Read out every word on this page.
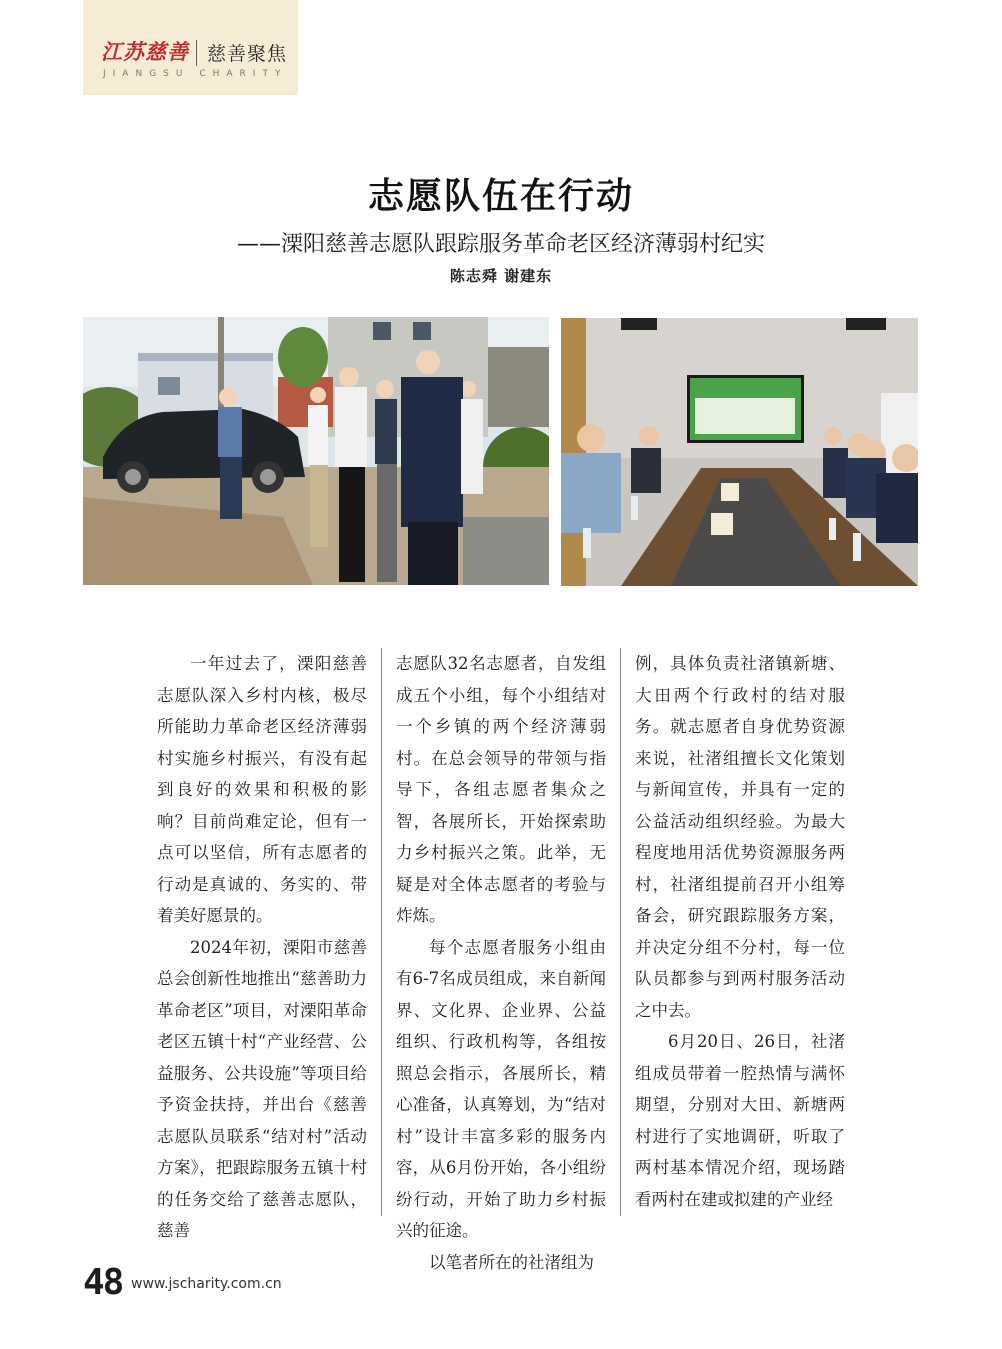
江苏慈善 慈善聚焦
JIANGSU CHARITY
志愿队伍在行动
——溧阳慈善志愿队跟踪服务革命老区经济薄弱村纪实
陈志舜 谢建东

一年过去了，溧阳慈善志愿队深入乡村内核，极尽所能助力革命老区经济薄弱村实施乡村振兴，有没有起到良好的效果和积极的影响？目前尚难定论，但有一点可以坚信，所有志愿者的行动是真诚的、务实的、带着美好愿景的。

2024年初，溧阳市慈善总会创新性地推出“慈善助力革命老区”项目，对溧阳革命老区五镇十村“产业经营、公益服务、公共设施”等项目给予资金扶持，并出台《慈善志愿队员联系“结对村”活动方案》，把跟踪服务五镇十村的任务交给了慈善志愿队，慈善

志愿队32名志愿者，自发组成五个小组，每个小组结对一个乡镇的两个经济薄弱村。在总会领导的带领与指导下，各组志愿者集众之智，各展所长，开始探索助力乡村振兴之策。此举，无疑是对全体志愿者的考验与炸炼。

每个志愿者服务小组由有6-7名成员组成，来自新闻界、文化界、企业界、公益组织、行政机构等，各组按照总会指示，各展所长，精心准备，认真筹划，为“结对村”设计丰富多彩的服务内容，从6月份开始，各小组纷纷行动，开始了助力乡村振兴的征途。

以笔者所在的社渚组为

例，具体负责社渚镇新塘、大田两个行政村的结对服务。就志愿者自身优势资源来说，社渚组擅长文化策划与新闻宣传，并具有一定的公益活动组织经验。为最大程度地用活优势资源服务两村，社渚组提前召开小组筹备会，研究跟踪服务方案，并决定分组不分村，每一位队员都参与到两村服务活动之中去。

6月20日、26日，社渚组成员带着一腔热情与满怀期望，分别对大田、新塘两村进行了实地调研，听取了两村基本情况介绍，现场踏看两村在建或拟建的产业经

48 www.jscharity.com.cn
